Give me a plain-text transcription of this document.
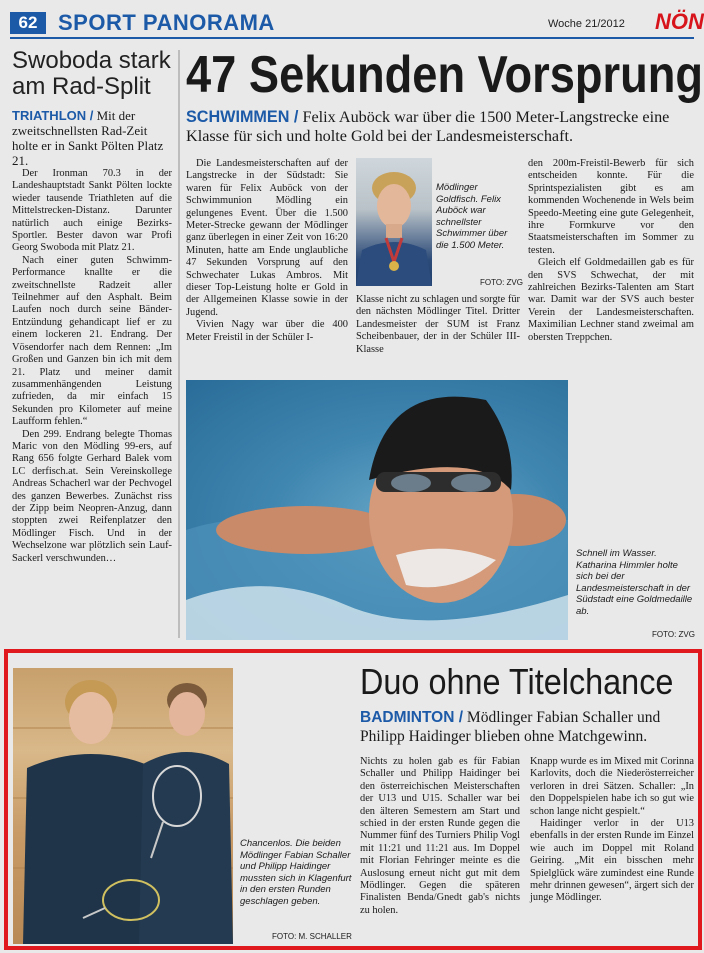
62 SPORT PANORAMA	Woche 21/2012 NÖN
Swoboda stark am Rad-Split
TRIATHLON / Mit der zweitschnellsten Rad-Zeit holte er in Sankt Pölten Platz 21.

Der Ironman 70.3 in der Landeshauptstadt Sankt Pölten lockte wieder tausende Triathleten auf die Mittelstrecken-Distanz. Darunter natürlich auch einige Bezirks-Sportler. Bester davon war Profi Georg Swoboda mit Platz 21.

Nach einer guten Schwimm-Performance knallte er die zweitschnellste Radzeit aller Teilnehmer auf den Asphalt. Beim Laufen noch durch seine Bänder-Entzündung gehandicapt lief er zu einem lockeren 21. Endrang. Der Vösendorfer nach dem Rennen: „Im Großen und Ganzen bin ich mit dem 21. Platz und meiner damit zusammenhängenden Leistung zufrieden, da mir einfach 15 Sekunden pro Kilometer auf meine Laufform fehlen.“

Den 299. Endrang belegte Thomas Maric von den Mödling 99-ers, auf Rang 656 folgte Gerhard Balek vom LC derfisch.at. Sein Vereinskollege Andreas Schacherl war der Pechvogel des ganzen Bewerbes. Zunächst riss der Zipp beim Neopren-Anzug, dann stoppten zwei Reifenplatzer den Mödlinger Fisch. Und in der Wechselzone war plötzlich sein Lauf-Sackerl verschwunden…

47 Sekunden Vorsprung
SCHWIMMEN / Felix Auböck war über die 1500 Meter-Langstrecke eine Klasse für sich und holte Gold bei der Landesmeisterschaft.

Die Landesmeisterschaften auf der Langstrecke in der Südstadt: Sie waren für Felix Auböck von der Schwimmunion Mödling ein gelungenes Event. Über die 1.500 Meter-Strecke gewann der Mödlinger ganz überlegen in einer Zeit von 16:20 Minuten, hatte am Ende unglaubliche 47 Sekunden Vorsprung auf den Schwechater Lukas Ambros. Mit dieser Top-Leistung holte er Gold in der Allgemeinen Klasse sowie in der Jugend.

Vivien Nagy war über die 400 Meter Freistil in der Schüler I-

Mödlinger Goldfisch. Felix Auböck war schnellster Schwimmer über die 1.500 Meter.
FOTO: ZVG

Klasse nicht zu schlagen und sorgte für den nächsten Mödlinger Titel. Dritter Landesmeister der SUM ist Franz Scheibenbauer, der in der Schüler III-Klasse

den 200m-Freistil-Bewerb für sich entscheiden konnte. Für die Sprintspezialisten gibt es am kommenden Wochenende in Wels beim Speedo-Meeting eine gute Gelegenheit, ihre Formkurve vor den Staatsmeisterschaften im Sommer zu testen.

Gleich elf Goldmedaillen gab es für den SVS Schwechat, der mit zahlreichen Bezirks-Talenten am Start war. Damit war der SVS auch bester Verein der Landesmeisterschaften. Maximilian Lechner stand zweimal am obersten Treppchen.

Schnell im Wasser. Katharina Himmler holte sich bei der Landesmeisterschaft in der Südstadt eine Goldmedaille ab.
FOTO: ZVG
Chancenlos. Die beiden Mödlinger Fabian Schaller und Philipp Haidinger mussten sich in Klagenfurt in den ersten Runden geschlagen geben.
FOTO: M. SCHALLER
Duo ohne Titelchance
BADMINTON / Mödlinger Fabian Schaller und Philipp Haidinger blieben ohne Matchgewinn.

Nichts zu holen gab es für Fabian Schaller und Philipp Haidinger bei den österreichischen Meisterschaften der U13 und U15. Schaller war bei den älteren Semestern am Start und schied in der ersten Runde gegen die Nummer fünf des Turniers Philip Vogl mit 11:21 und 11:21 aus. Im Doppel mit Florian Fehringer meinte es die Auslosung erneut nicht gut mit dem Mödlinger. Gegen die späteren Finalisten Benda/Gnedt gab's nichts zu holen.

Knapp wurde es im Mixed mit Corinna Karlovits, doch die Niederösterreicher verloren in drei Sätzen. Schaller: „In den Doppelspielen habe ich so gut wie schon lange nicht gespielt.“

Haidinger verlor in der U13 ebenfalls in der ersten Runde im Einzel wie auch im Doppel mit Roland Geiring. „Mit ein bisschen mehr Spielglück wäre zumindest eine Runde mehr drinnen gewesen“, ärgert sich der junge Mödlinger.
